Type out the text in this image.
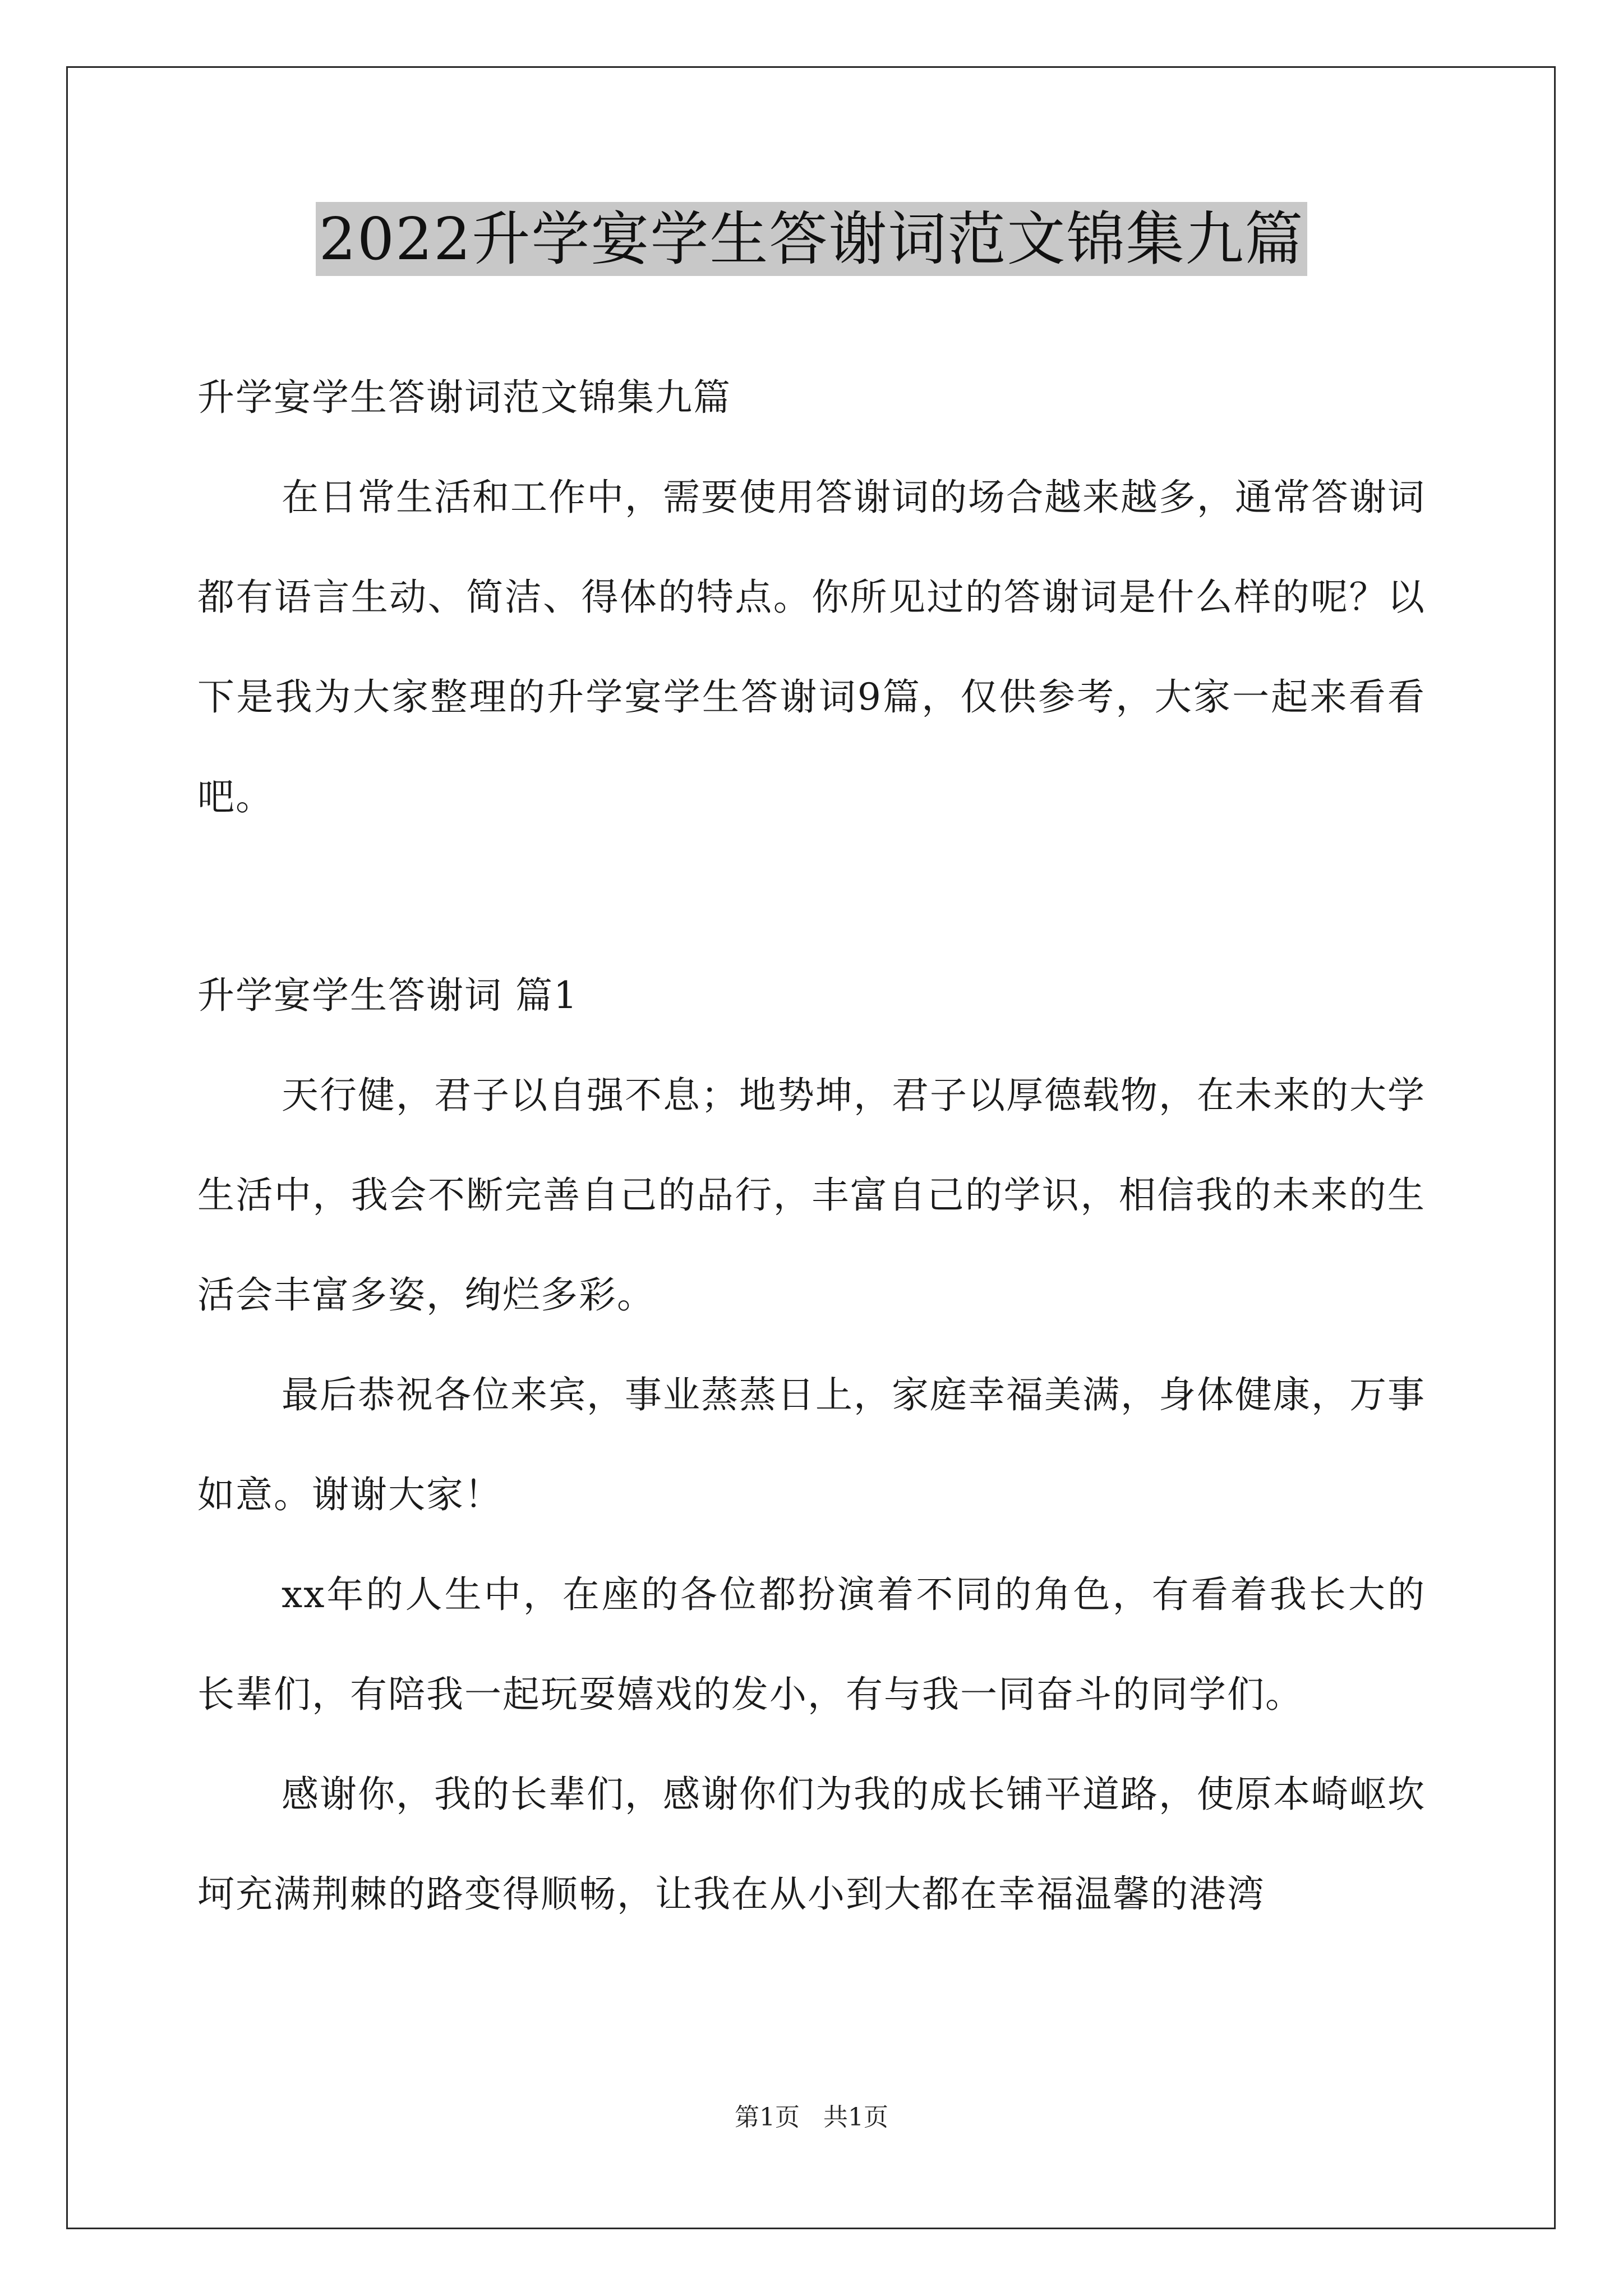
2022升学宴学生答谢词范文锦集九篇

升学宴学生答谢词范文锦集九篇

在日常生活和工作中，需要使用答谢词的场合越来越多，通常答谢词都有语言生动、简洁、得体的特点。你所见过的答谢词是什么样的呢？以下是我为大家整理的升学宴学生答谢词9篇，仅供参考，大家一起来看看吧。

升学宴学生答谢词 篇1

天行健，君子以自强不息；地势坤，君子以厚德载物，在未来的大学生活中，我会不断完善自己的品行，丰富自己的学识，相信我的未来的生活会丰富多姿，绚烂多彩。

最后恭祝各位来宾，事业蒸蒸日上，家庭幸福美满，身体健康，万事如意。谢谢大家！

xx年的人生中，在座的各位都扮演着不同的角色，有看着我长大的长辈们，有陪我一起玩耍嬉戏的发小，有与我一同奋斗的同学们。

感谢你，我的长辈们，感谢你们为我的成长铺平道路，使原本崎岖坎坷充满荆棘的路变得顺畅，让我在从小到大都在幸福温馨的港湾

第1页   共1页
